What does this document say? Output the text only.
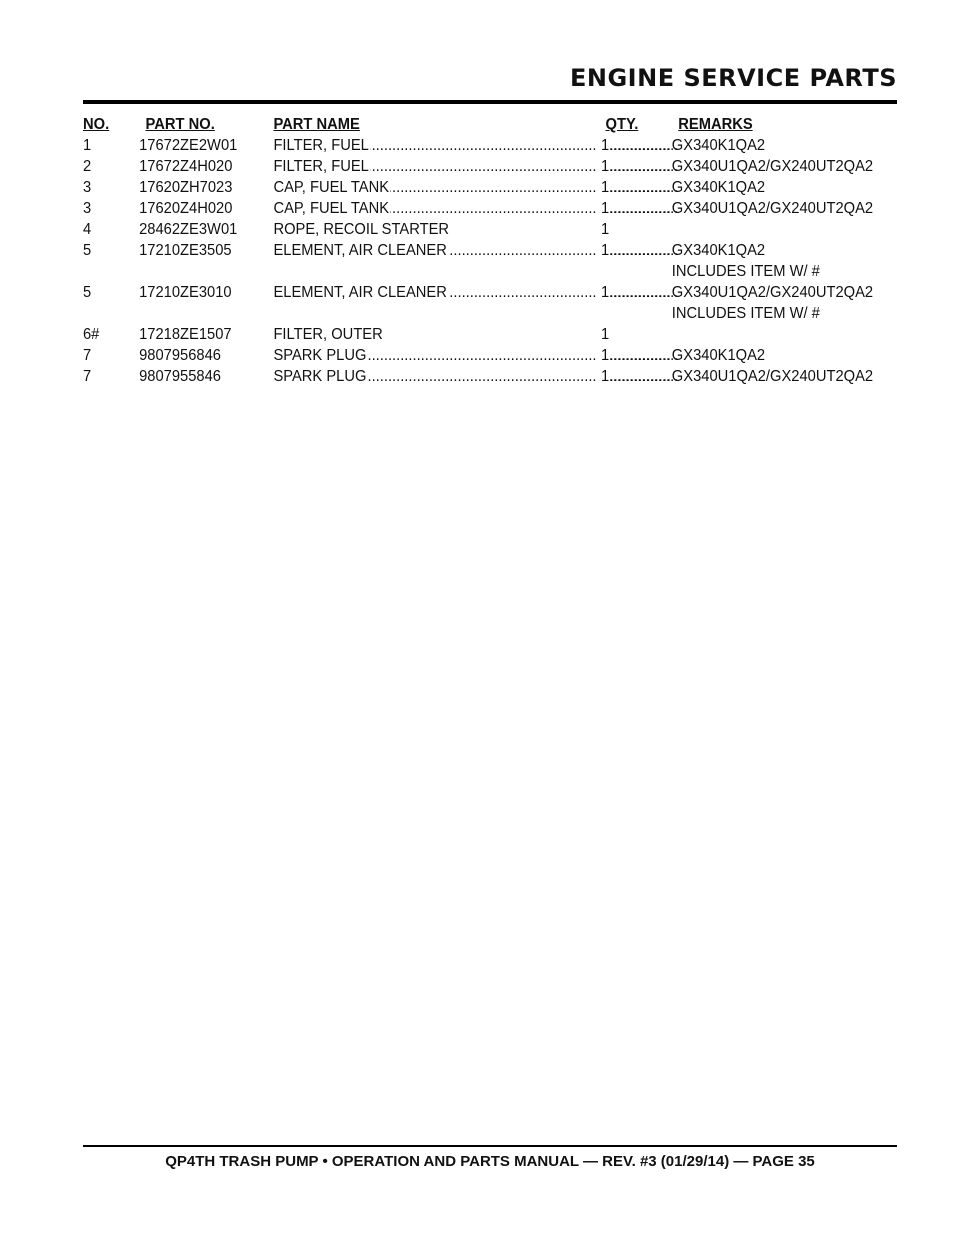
ENGINE SERVICE PARTS
NO. PART NO.	PART NAME	QTY. REMARKS
1	17672ZE2W01 FILTER, FUEL .....	1 .....	GX340K1QA2
2	17672Z4H020	FILTER, FUEL .....	1 .....	GX340U1QA2/GX240UT2QA2
3	17620ZH7023	CAP, FUEL TANK .....	1 .....	GX340K1QA2
3	17620Z4H020	CAP, FUEL TANK .....	1 .....	GX340U1QA2/GX240UT2QA2
4	28462ZE3W01 ROPE, RECOIL STARTER	1
5	17210ZE3505	ELEMENT, AIR CLEANER .....	1 .....	GX340K1QA2
INCLUDES ITEM W/ #
5	17210ZE3010	ELEMENT, AIR CLEANER .....	1 .....	GX340U1QA2/GX240UT2QA2
INCLUDES ITEM W/ #
6# 17218ZE1507	FILTER, OUTER	1
7	9807956846	SPARK PLUG .....	1 .....	GX340K1QA2
7	9807955846	SPARK PLUG .....	1 .....	GX340U1QA2/GX240UT2QA2
QP4TH TRASH PUMP • OPERATION AND PARTS MANUAL — REV. #3 (01/29/14) — PAGE 35
